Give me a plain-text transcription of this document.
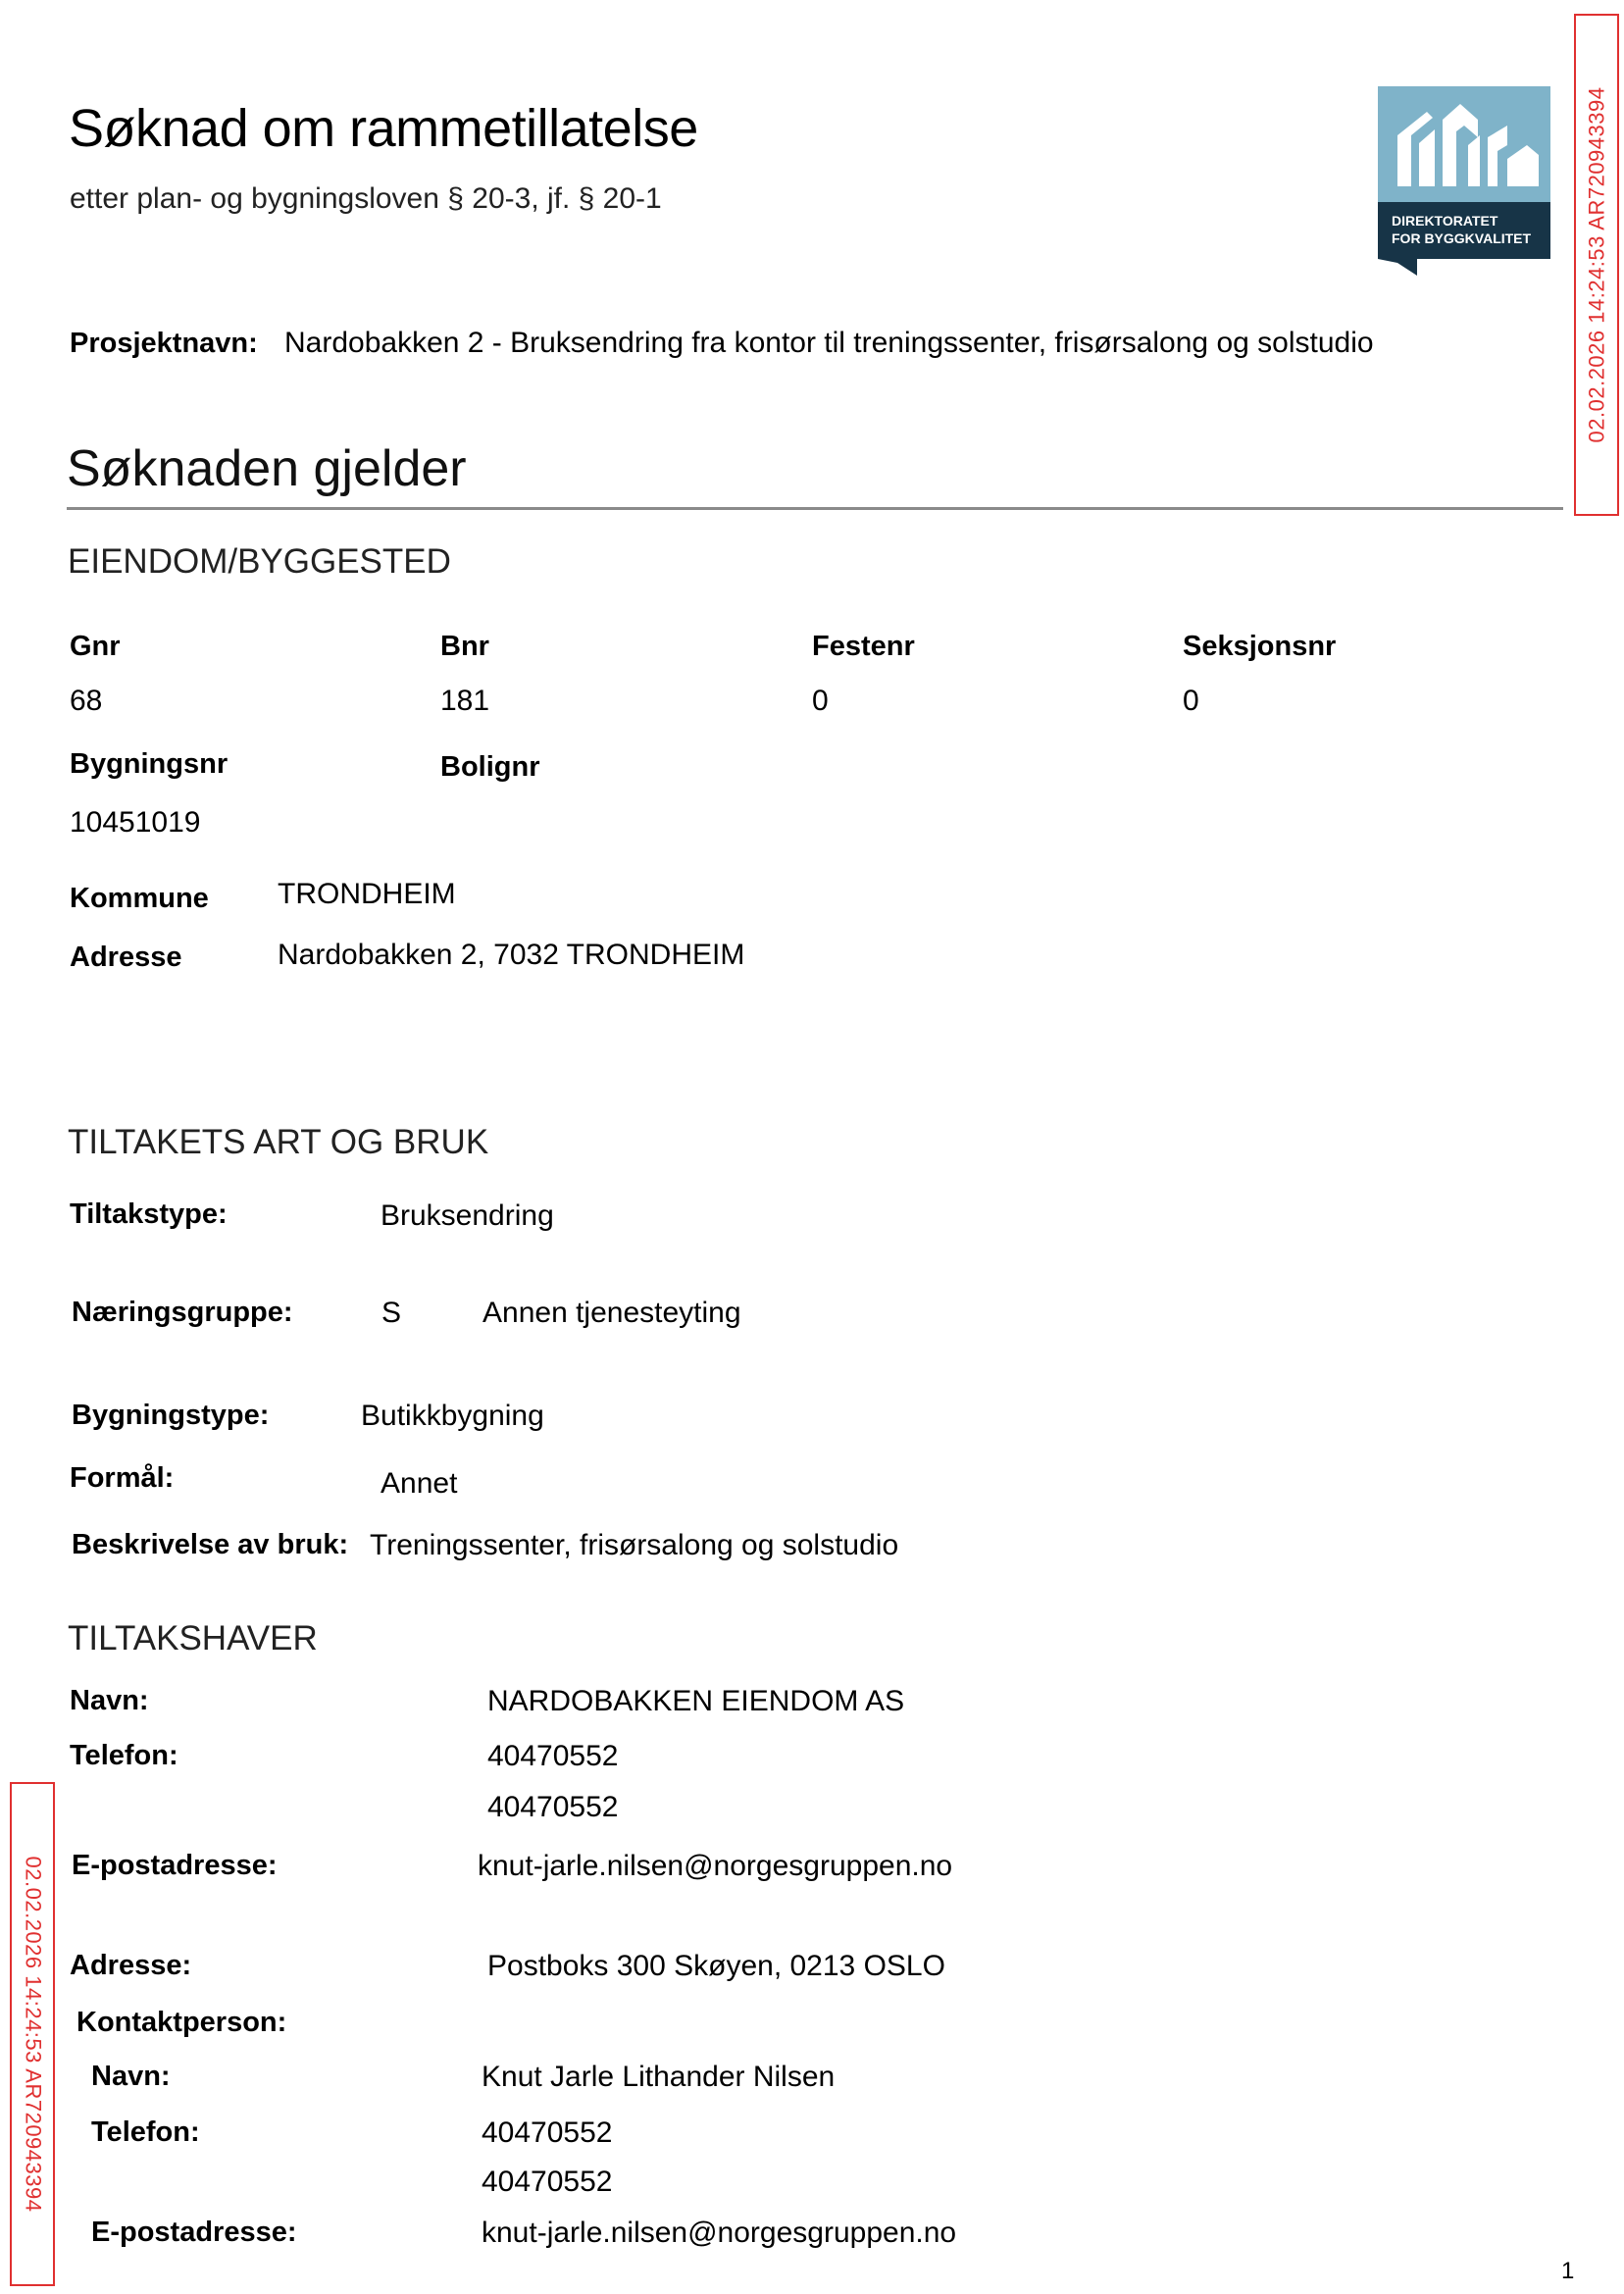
Søknad om rammetillatelse
etter plan- og bygningsloven § 20-3, jf. § 20-1
DIREKTORATET
FOR BYGGKVALITET 02.02.2026 14:24:53 AR720943394
02.02.2026 14:24:53 AR720943394
Prosjektnavn: Nardobakken 2 - Bruksendring fra kontor til treningssenter, frisørsalong og solstudio
Søknaden gjelder
EIENDOM/BYGGESTED
Gnr	Bnr	Festenr	Seksjonsnr
68	181	0	0
Bygningsnr	Bolignr
10451019
Kommune TRONDHEIM
Adresse	Nardobakken 2, 7032 TRONDHEIM
TILTAKETS ART OG BRUK
Tiltakstype:	Bruksendring
Næringsgruppe:	S	Annen tjenesteyting
Bygningstype:	Butikkbygning
Formål:	Annet
Beskrivelse av bruk: Treningssenter, frisørsalong og solstudio
TILTAKSHAVER
Navn:	NARDOBAKKEN EIENDOM AS
Telefon:	40470552
40470552
E-postadresse:	knut-jarle.nilsen@norgesgruppen.no
Adresse:	Postboks 300 Skøyen, 0213 OSLO
Kontaktperson:
Navn:	Knut Jarle Lithander Nilsen
Telefon:	40470552
40470552
E-postadresse:	knut-jarle.nilsen@norgesgruppen.no
1
